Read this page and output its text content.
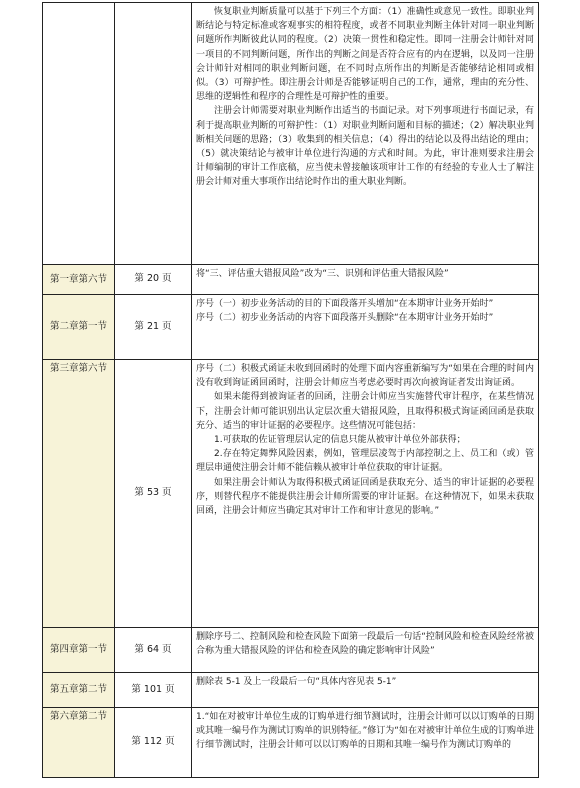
		恢复职业判断质量可以基于下列三个方面：（1）准确性或意见一致性。即职业判断结论与特定标准或客观事实的相符程度，或者不同职业判断主体针对同一职业判断问题所作判断彼此认同的程度。（2）决策一贯性和稳定性。即同一注册会计师针对同一项目的不同判断问题，所作出的判断之间是否符合应有的内在逻辑，以及同一注册会计师针对相同的职业判断问题，在不同时点所作出的判断是否能够结论相同或相似。（3）可辩护性。即注册会计师是否能够证明自己的工作，通常，理由的充分性、思维的逻辑性和程序的合理性是可辩护性的重要。

注册会计师需要对职业判断作出适当的书面记录。对下列事项进行书面记录，有利于提高职业判断的可辩护性：（1）对职业判断问题和目标的描述；（2）解决职业判断相关问题的思路；（3）收集到的相关信息；（4）得出的结论以及得出结论的理由；（5）就决策结论与被审计单位进行沟通的方式和时间。为此，审计准则要求注册会计师编制的审计工作底稿，应当使未曾接触该项审计工作的有经验的专业人士了解注册会计师对重大事项作出结论时作出的重大职业判断。

第一章第六节	第 20 页	将“三、评估重大错报风险”改为“三、识别和评估重大错报风险”

第二章第一节	第 21 页	序号（一）初步业务活动的目的下面段落开头增加“在本期审计业务开始时”

序号（二）初步业务活动的内容下面段落开头删除“在本期审计业务开始时”

第三章第六节	第 53 页	序号（二）积极式函证未收到回函时的处理下面内容重新编写为“如果在合理的时间内没有收到询证函回函时，注册会计师应当考虑必要时再次向被询证者发出询证函。

如果未能得到被询证者的回函，注册会计师应当实施替代审计程序，在某些情况下，注册会计师可能识别出认定层次重大错报风险，且取得积极式询证函回函是获取充分、适当的审计证据的必要程序。这些情况可能包括：

1.可获取的佐证管理层认定的信息只能从被审计单位外部获得；

2.存在特定舞弊风险因素，例如，管理层凌驾于内部控制之上、员工和（或）管理层串通使注册会计师不能信赖从被审计单位获取的审计证据。

如果注册会计师认为取得积极式函证回函是获取充分、适当的审计证据的必要程序，则替代程序不能提供注册会计师所需要的审计证据。在这种情况下，如果未获取回函，注册会计师应当确定其对审计工作和审计意见的影响。”

第四章第一节	第 64 页	删除序号二、控制风险和检查风险下面第一段最后一句话“控制风险和检查风险经常被合称为重大错报风险的评估和检查风险的确定影响审计风险”

第五章第二节	第 101 页	删除表 5-1 及上一段最后一句“具体内容见表 5-1”

第六章第二节	第 112 页	1.“如在对被审计单位生成的订购单进行细节测试时，注册会计师可以以订购单的日期或其唯一编号作为测试订购单的识别特征。”修订为“如在对被审计单位生成的订购单进行细节测试时，注册会计师可以以订购单的日期和其唯一编号作为测试订购单的
